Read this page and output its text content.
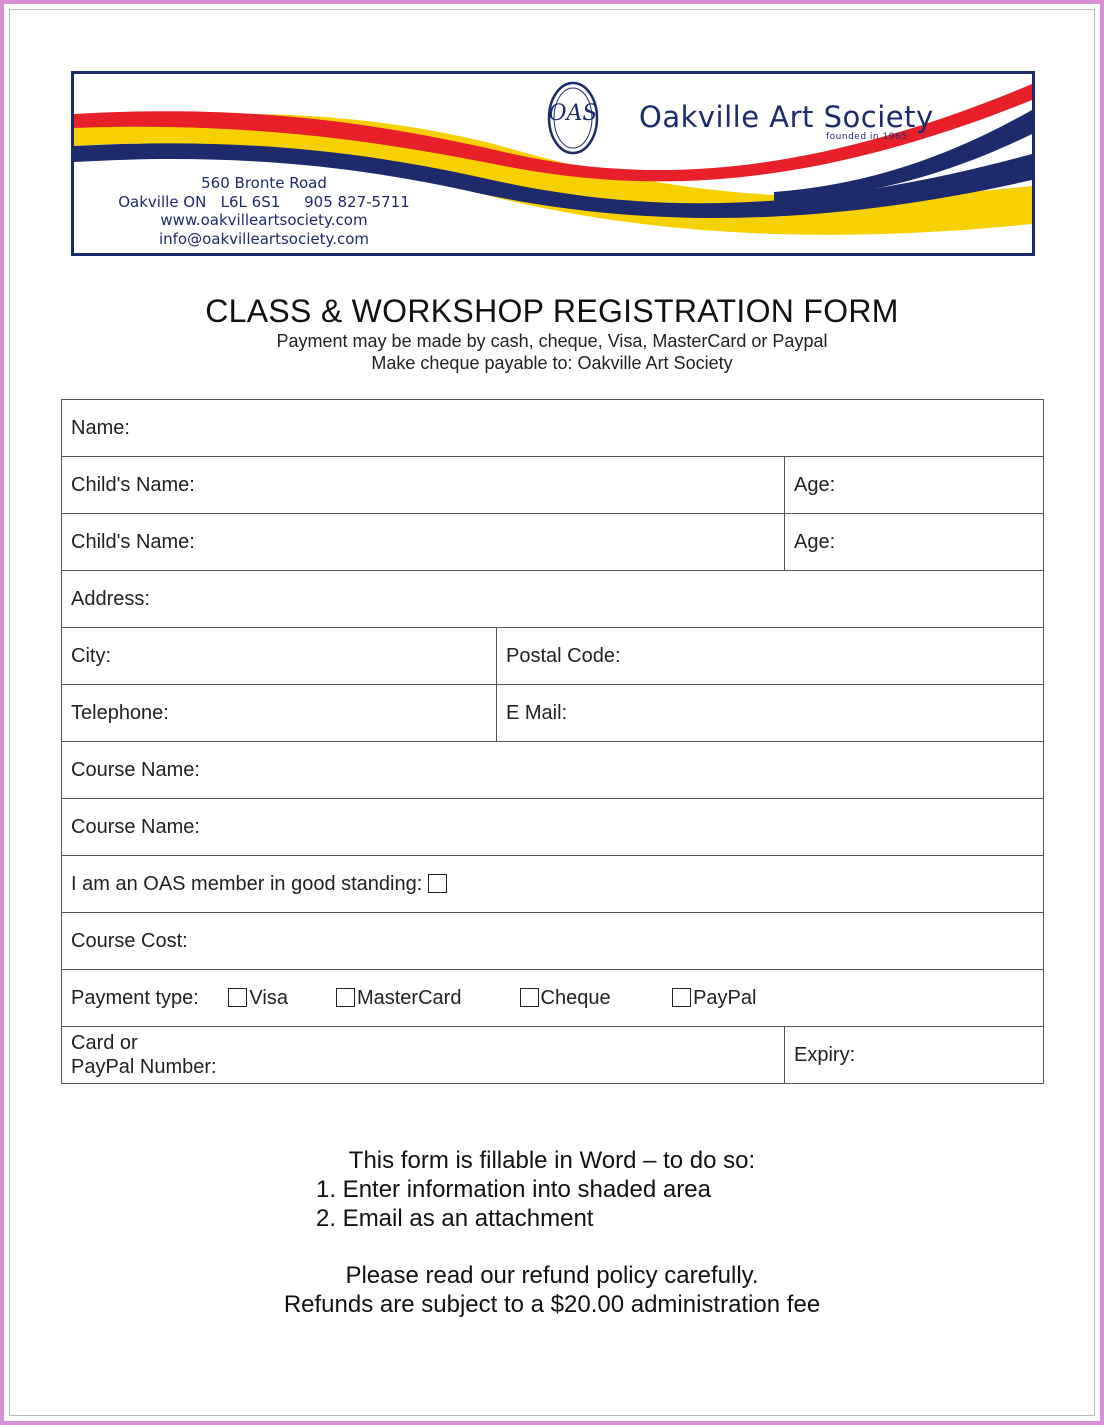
OAS Oakville Art Society
founded in 1965
560 Bronte Road
Oakville ON   L6L 6S1     905 827-5711
www.oakvilleartsociety.com
info@oakvilleartsociety.com
CLASS & WORKSHOP REGISTRATION FORM
Payment may be made by cash, cheque, Visa, MasterCard or Paypal
Make cheque payable to: Oakville Art Society
Name:		
Child's Name:		Age:
Child's Name:		Age:
Address:		
City:	Postal Code:	
Telephone:	E Mail:	
Course Name:		
Course Name:		
I am an OAS member in good standing:		
Course Cost:		
Payment type: Visa MasterCard Cheque PayPal		
Card or
PayPal Number:		Expiry:
This form is fillable in Word – to do so:
1. Enter information into shaded area
2. Email as an attachment
Please read our refund policy carefully.
Refunds are subject to a $20.00 administration fee
